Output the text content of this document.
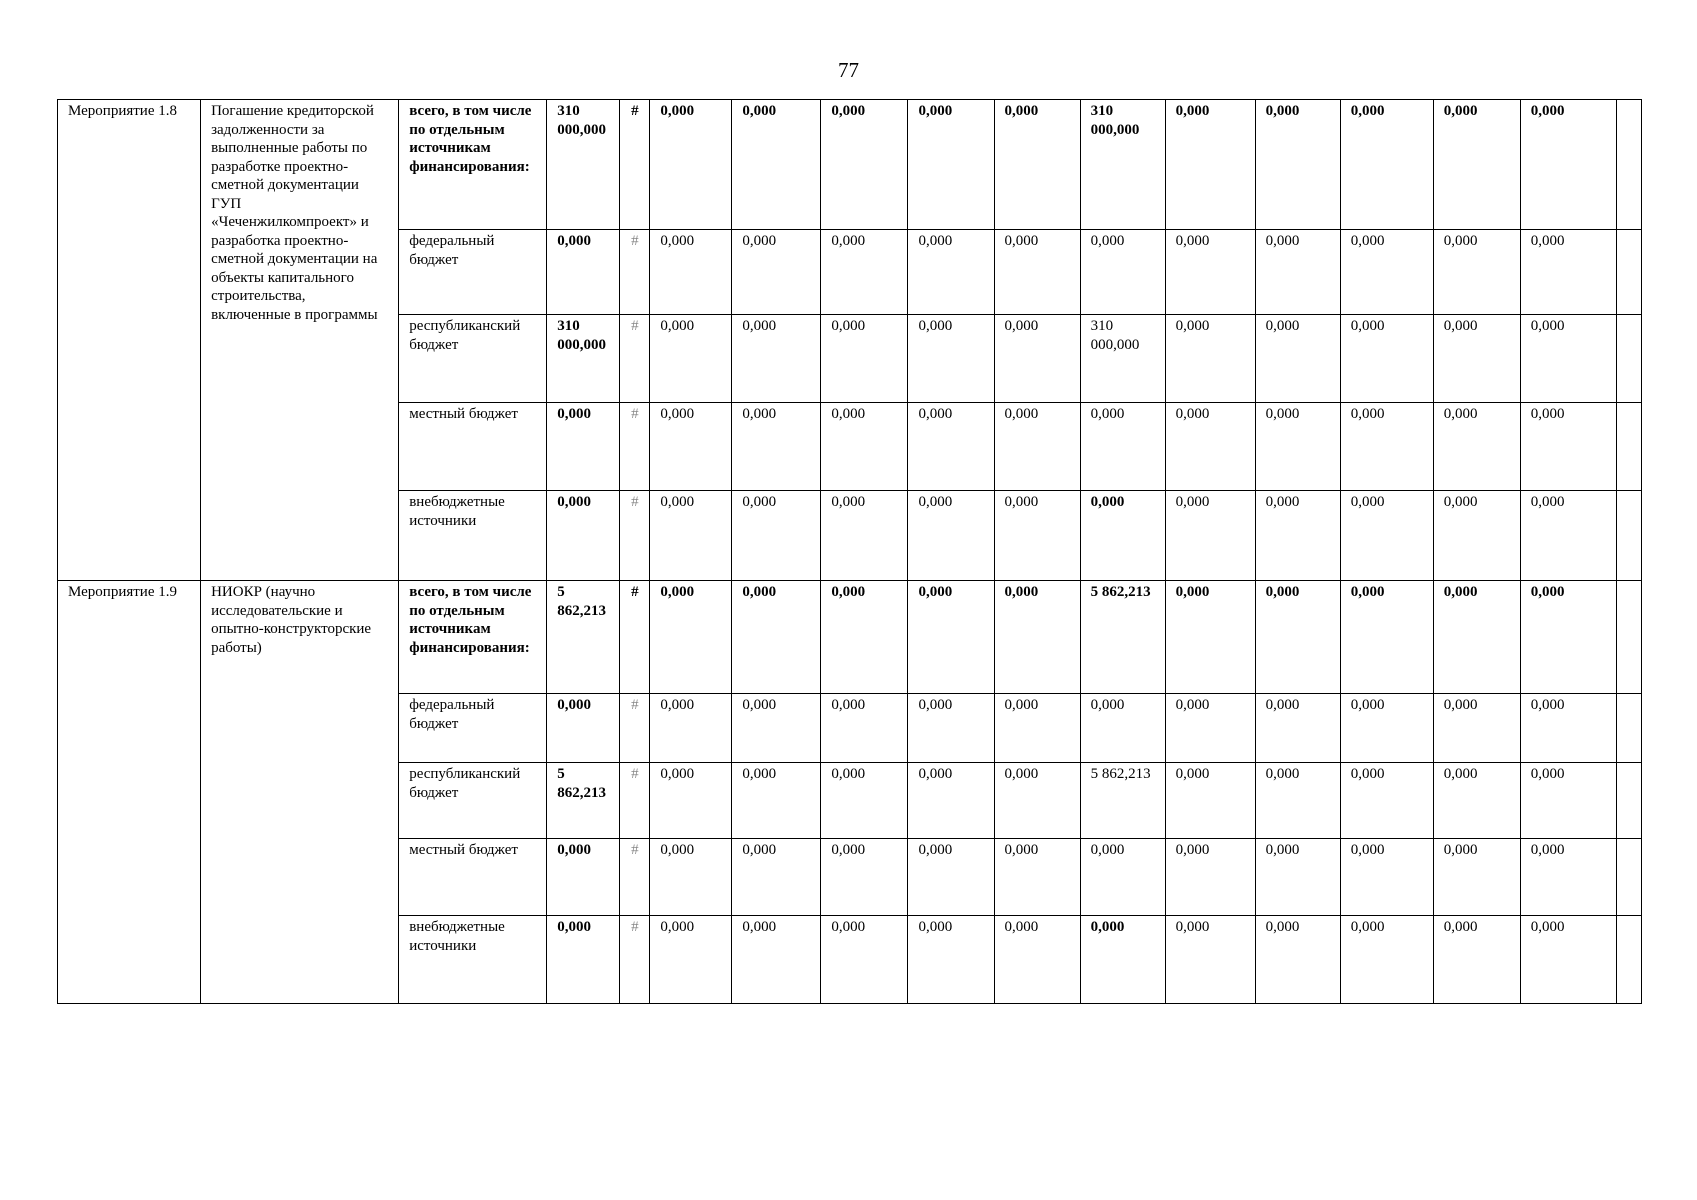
77
Мероприятие 1.8	Погашение кредиторской задолженности за выполненные работы по разработке проектно-сметной документации ГУП «Чеченжилкомпроект» и разработка проектно-сметной документации на объекты капитального строительства, включенные в программы	всего, в том числе по отдельным источникам финансирования:	310 000,000	#	0,000	0,000	0,000	0,000	0,000	310 000,000	0,000	0,000	0,000	0,000	0,000	
		федеральный бюджет	0,000	#	0,000	0,000	0,000	0,000	0,000	0,000	0,000	0,000	0,000	0,000	0,000	
		республиканский бюджет	310 000,000	#	0,000	0,000	0,000	0,000	0,000	310 000,000	0,000	0,000	0,000	0,000	0,000	
		местный бюджет	0,000	#	0,000	0,000	0,000	0,000	0,000	0,000	0,000	0,000	0,000	0,000	0,000	
		внебюджетные источники	0,000	#	0,000	0,000	0,000	0,000	0,000	0,000	0,000	0,000	0,000	0,000	0,000	
Мероприятие 1.9	НИОКР (научно исследовательские и опытно-конструкторские работы)	всего, в том числе по отдельным источникам финансирования:	5 862,213	#	0,000	0,000	0,000	0,000	0,000	5 862,213	0,000	0,000	0,000	0,000	0,000	
		федеральный бюджет	0,000	#	0,000	0,000	0,000	0,000	0,000	0,000	0,000	0,000	0,000	0,000	0,000	
		республиканский бюджет	5 862,213	#	0,000	0,000	0,000	0,000	0,000	5 862,213	0,000	0,000	0,000	0,000	0,000	
		местный бюджет	0,000	#	0,000	0,000	0,000	0,000	0,000	0,000	0,000	0,000	0,000	0,000	0,000	
		внебюджетные источники	0,000	#	0,000	0,000	0,000	0,000	0,000	0,000	0,000	0,000	0,000	0,000	0,000	
